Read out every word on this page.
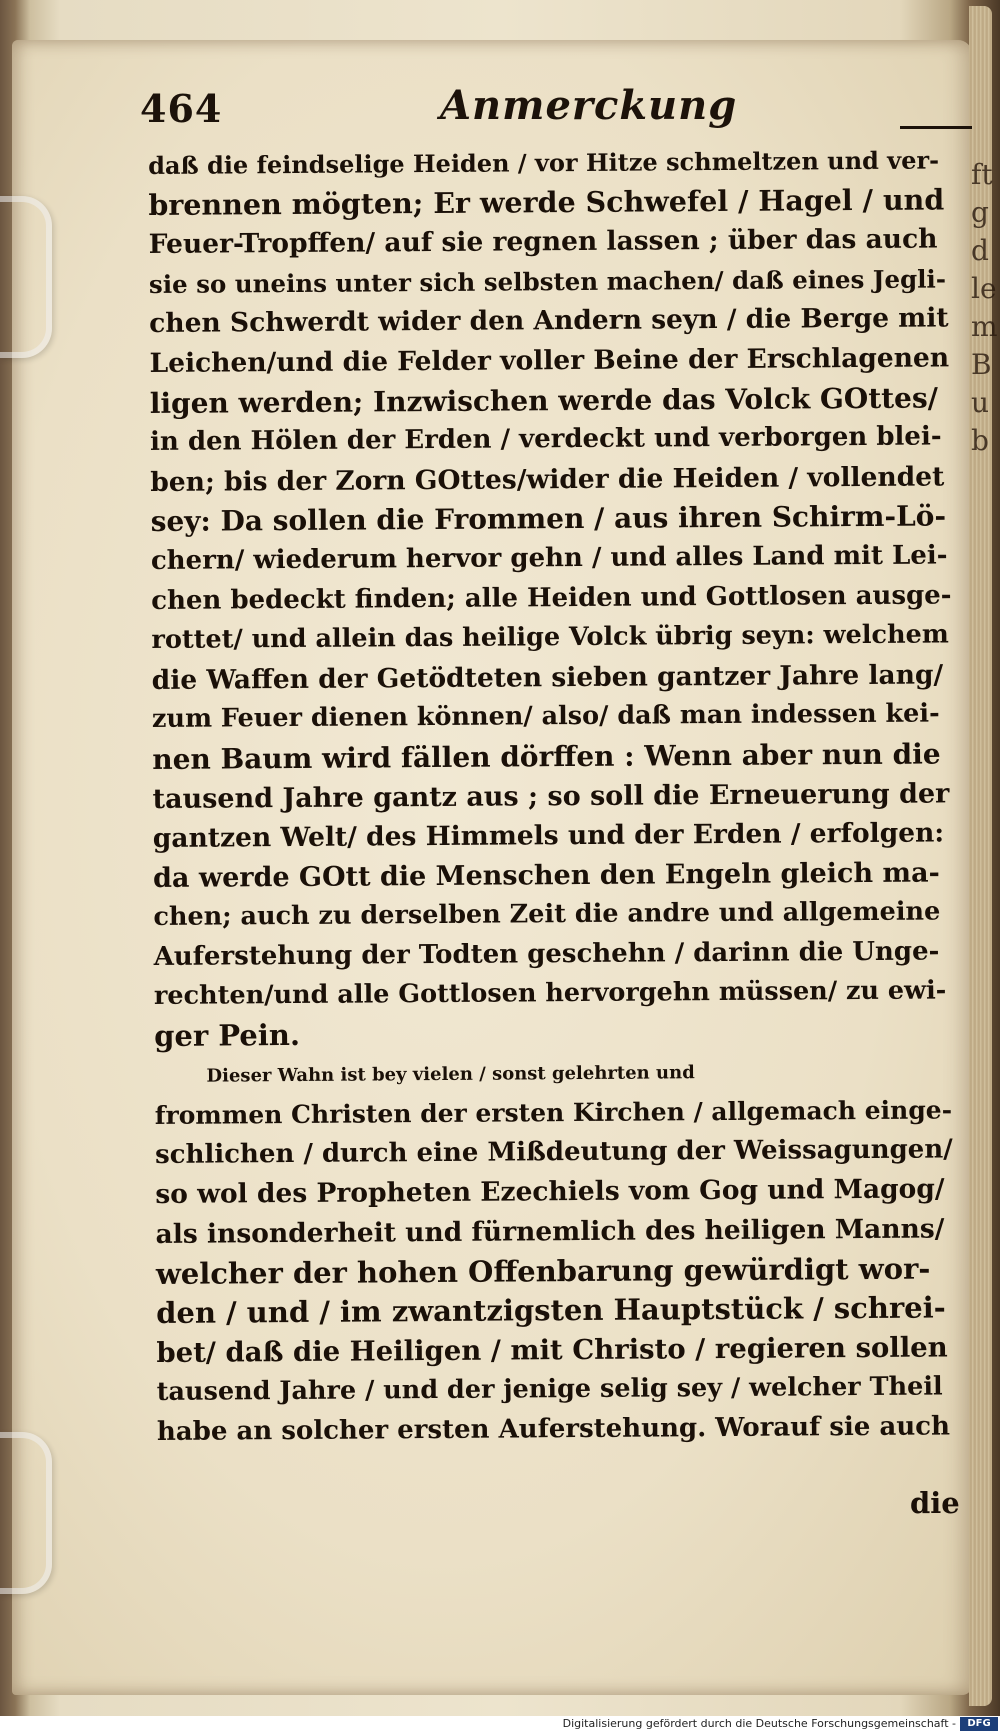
ft
g
d
le
m
B
u
b
464	Anmerckung
daß die feindselige Heiden / vor Hitze schmeltzen und ver-
brennen mögten; Er werde Schwefel / Hagel / und
Feuer-Tropffen/ auf sie regnen lassen ; über das auch
sie so uneins unter sich selbsten machen/ daß eines Jegli-
chen Schwerdt wider den Andern seyn / die Berge mit
Leichen/und die Felder voller Beine der Erschlagenen
ligen werden; Inzwischen werde das Volck GOttes/
in den Hölen der Erden / verdeckt und verborgen blei-
ben; bis der Zorn GOttes/wider die Heiden / vollendet
sey: Da sollen die Frommen / aus ihren Schirm-Lö-
chern/ wiederum hervor gehn / und alles Land mit Lei-
chen bedeckt finden; alle Heiden und Gottlosen ausge-
rottet/ und allein das heilige Volck übrig seyn: welchem
die Waffen der Getödteten sieben gantzer Jahre lang/
zum Feuer dienen können/ also/ daß man indessen kei-
nen Baum wird fällen dörffen : Wenn aber nun die
tausend Jahre gantz aus ; so soll die Erneuerung der
gantzen Welt/ des Himmels und der Erden / erfolgen:
da werde GOtt die Menschen den Engeln gleich ma-
chen; auch zu derselben Zeit die andre und allgemeine
Auferstehung der Todten geschehn / darinn die Unge-
rechten/und alle Gottlosen hervorgehn müssen/ zu ewi-
ger Pein.
Dieser Wahn ist bey vielen / sonst gelehrten und
frommen Christen der ersten Kirchen / allgemach einge-
schlichen / durch eine Mißdeutung der Weissagungen/
so wol des Propheten Ezechiels vom Gog und Magog/
als insonderheit und fürnemlich des heiligen Manns/
welcher der hohen Offenbarung gewürdigt wor-
den / und / im zwantzigsten Hauptstück / schrei-
bet/ daß die Heiligen / mit Christo / regieren sollen
tausend Jahre / und der jenige selig sey / welcher Theil
habe an solcher ersten Auferstehung. Worauf sie auch
die
Digitalisierung gefördert durch die Deutsche Forschungsgemeinschaft -	DFG
